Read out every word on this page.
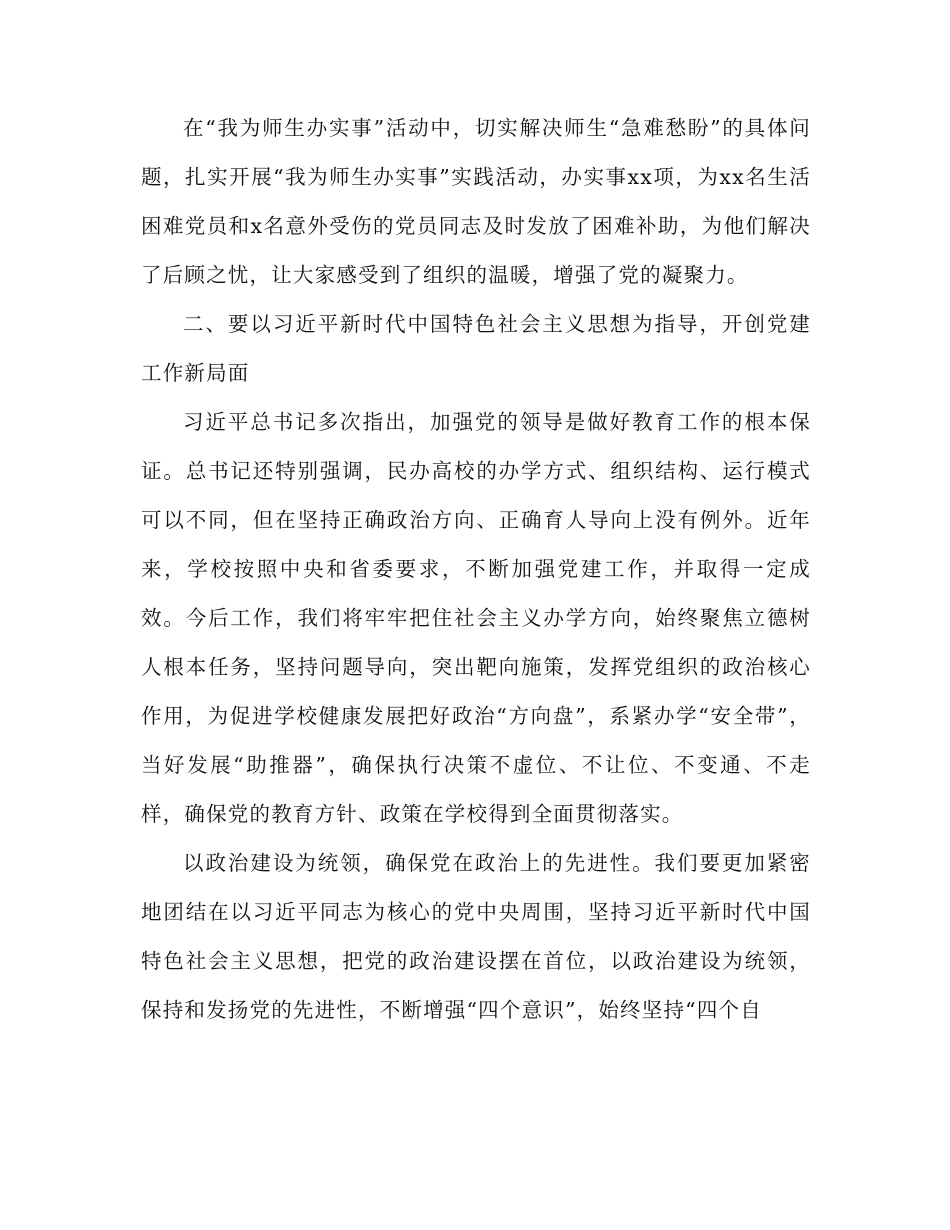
在“我为师生办实事”活动中，切实解决师生“急难愁盼”的具体问题，扎实开展“我为师生办实事”实践活动，办实事xx项，为xx名生活困难党员和x名意外受伤的党员同志及时发放了困难补助，为他们解决了后顾之忧，让大家感受到了组织的温暖，增强了党的凝聚力。

二、要以习近平新时代中国特色社会主义思想为指导，开创党建工作新局面

习近平总书记多次指出，加强党的领导是做好教育工作的根本保证。总书记还特别强调，民办高校的办学方式、组织结构、运行模式可以不同，但在坚持正确政治方向、正确育人导向上没有例外。近年来，学校按照中央和省委要求，不断加强党建工作，并取得一定成效。今后工作，我们将牢牢把住社会主义办学方向，始终聚焦立德树人根本任务，坚持问题导向，突出靶向施策，发挥党组织的政治核心作用，为促进学校健康发展把好政治“方向盘”，系紧办学“安全带”，当好发展“助推器”，确保执行决策不虚位、不让位、不变通、不走样，确保党的教育方针、政策在学校得到全面贯彻落实。

以政治建设为统领，确保党在政治上的先进性。我们要更加紧密地团结在以习近平同志为核心的党中央周围，坚持习近平新时代中国特色社会主义思想，把党的政治建设摆在首位，以政治建设为统领，保持和发扬党的先进性，不断增强“四个意识”，始终坚持“四个自
